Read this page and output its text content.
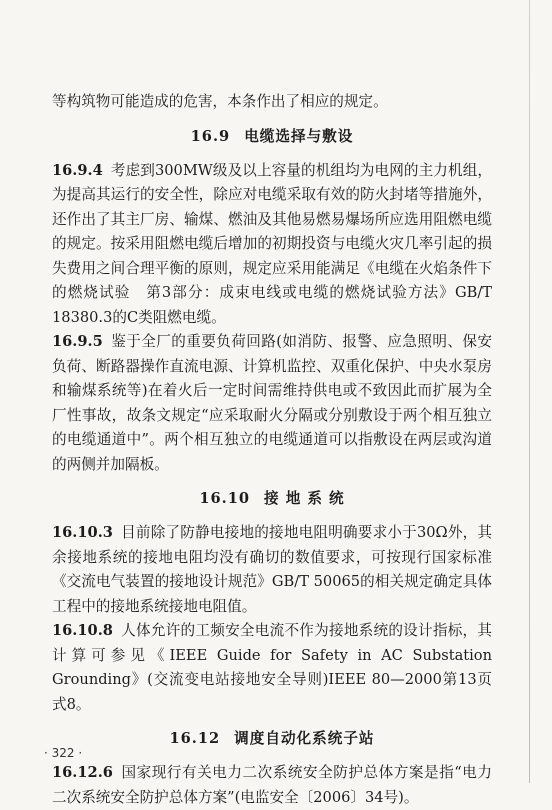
等构筑物可能造成的危害，本条作出了相应的规定。

16.9 电缆选择与敷设

16.9.4 考虑到300MW级及以上容量的机组均为电网的主力机组，为提高其运行的安全性，除应对电缆采取有效的防火封堵等措施外，还作出了其主厂房、输煤、燃油及其他易燃易爆场所应选用阻燃电缆的规定。按采用阻燃电缆后增加的初期投资与电缆火灾几率引起的损失费用之间合理平衡的原则，规定应采用能满足《电缆在火焰条件下的燃烧试验　第3部分：成束电线或电缆的燃烧试验方法》GB/T 18380.3的C类阻燃电缆。

16.9.5 鉴于全厂的重要负荷回路(如消防、报警、应急照明、保安负荷、断路器操作直流电源、计算机监控、双重化保护、中央水泵房和输煤系统等)在着火后一定时间需维持供电或不致因此而扩展为全厂性事故，故条文规定“应采取耐火分隔或分别敷设于两个相互独立的电缆通道中”。两个相互独立的电缆通道可以指敷设在两层或沟道的两侧并加隔板。

16.10 接 地 系 统

16.10.3 目前除了防静电接地的接地电阻明确要求小于30Ω外，其余接地系统的接地电阻均没有确切的数值要求，可按现行国家标准《交流电气装置的接地设计规范》GB/T 50065的相关规定确定具体工程中的接地系统接地电阻值。

16.10.8 人体允许的工频安全电流不作为接地系统的设计指标，其计算可参见《IEEE Guide for Safety in AC Substation Grounding》(交流变电站接地安全导则)IEEE 80—2000第13页式8。

16.12 调度自动化系统子站

16.12.6 国家现行有关电力二次系统安全防护总体方案是指“电力二次系统安全防护总体方案”(电监安全〔2006〕34号)。

· 322 ·
